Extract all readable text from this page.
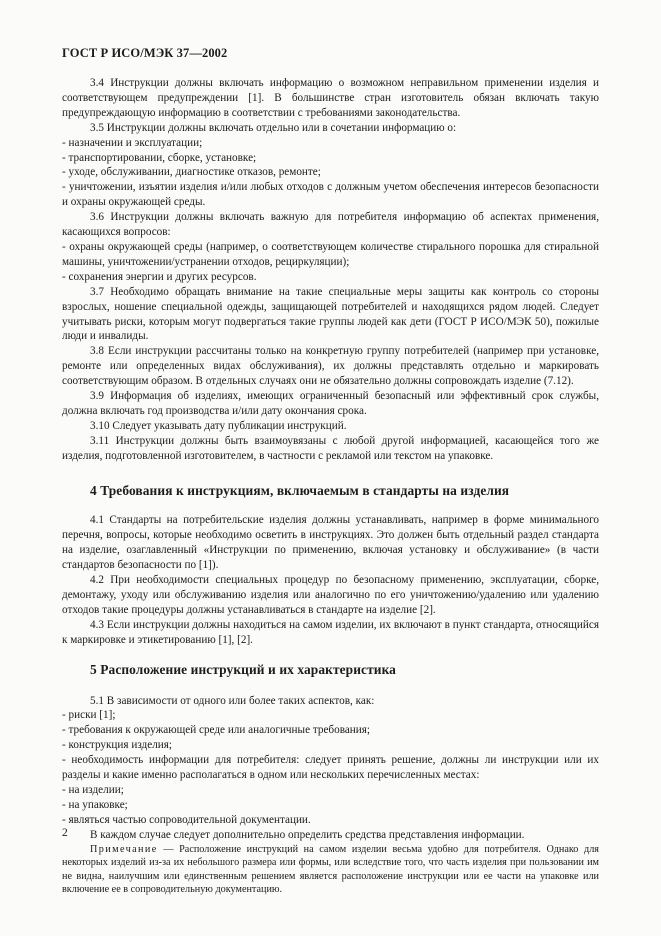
ГОСТ Р ИСО/МЭК 37—2002

3.4 Инструкции должны включать информацию о возможном неправильном применении изделия и соответствующем предупреждении [1]. В большинстве стран изготовитель обязан включать такую предупреждающую информацию в соответствии с требованиями законодательства.

3.5 Инструкции должны включать отдельно или в сочетании информацию о:

- назначении и эксплуатации;

- транспортировании, сборке, установке;

- уходе, обслуживании, диагностике отказов, ремонте;

- уничтожении, изъятии изделия и/или любых отходов с должным учетом обеспечения интересов безопасности и охраны окружающей среды.

3.6 Инструкции должны включать важную для потребителя информацию об аспектах применения, касающихся вопросов:

- охраны окружающей среды (например, о соответствующем количестве стирального порошка для стиральной машины, уничтожении/устранении отходов, рециркуляции);

- сохранения энергии и других ресурсов.

3.7 Необходимо обращать внимание на такие специальные меры защиты как контроль со стороны взрослых, ношение специальной одежды, защищающей потребителей и находящихся рядом людей. Следует учитывать риски, которым могут подвергаться такие группы людей как дети (ГОСТ Р ИСО/МЭК 50), пожилые люди и инвалиды.

3.8 Если инструкции рассчитаны только на конкретную группу потребителей (например при установке, ремонте или определенных видах обслуживания), их должны представлять отдельно и маркировать соответствующим образом. В отдельных случаях они не обязательно должны сопровождать изделие (7.12).

3.9 Информация об изделиях, имеющих ограниченный безопасный или эффективный срок службы, должна включать год производства и/или дату окончания срока.

3.10 Следует указывать дату публикации инструкций.

3.11 Инструкции должны быть взаимоувязаны с любой другой информацией, касающейся того же изделия, подготовленной изготовителем, в частности с рекламой или текстом на упаковке.

4 Требования к инструкциям, включаемым в стандарты на изделия

4.1 Стандарты на потребительские изделия должны устанавливать, например в форме минимального перечня, вопросы, которые необходимо осветить в инструкциях. Это должен быть отдельный раздел стандарта на изделие, озаглавленный «Инструкции по применению, включая установку и обслуживание» (в части стандартов безопасности по [1]).

4.2 При необходимости специальных процедур по безопасному применению, эксплуатации, сборке, демонтажу, уходу или обслуживанию изделия или аналогично по его уничтожению/удалению или удалению отходов такие процедуры должны устанавливаться в стандарте на изделие [2].

4.3 Если инструкции должны находиться на самом изделии, их включают в пункт стандарта, относящийся к маркировке и этикетированию [1], [2].

5 Расположение инструкций и их характеристика

5.1 В зависимости от одного или более таких аспектов, как:

- риски [1];

- требования к окружающей среде или аналогичные требования;

- конструкция изделия;

- необходимость информации для потребителя: следует принять решение, должны ли инструкции или их разделы и какие именно располагаться в одном или нескольких перечисленных местах:

- на изделии;

- на упаковке;

- являться частью сопроводительной документации.

В каждом случае следует дополнительно определить средства представления информации.

Примечание — Расположение инструкций на самом изделии весьма удобно для потребителя. Однако для некоторых изделий из-за их небольшого размера или формы, или вследствие того, что часть изделия при пользовании им не видна, наилучшим или единственным решением является расположение инструкции или ее части на упаковке или включение ее в сопроводительную документацию.

2
